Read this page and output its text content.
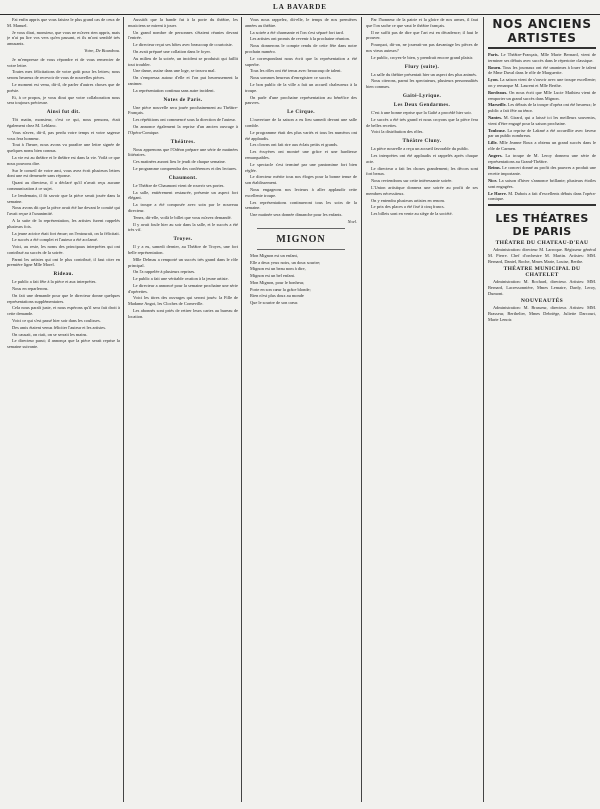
LA BAVARDE

Fai enfin appris que vous faisiez le plus grand cas de ceux de M. Manuel.

Je vous dirai, monsieur, que vous ne m'avez rien appris, mais je n'ai pu lire vos vers qu'en passant, et ils m'ont semblé très amusants.

Votre, De Bourdeau.

Je m'empresse de vous répondre et de vous remercier de votre lettre.

Toutes mes félicitations de votre goût pour les lettres; nous serons heureux de recevoir de vous de nouvelles pièces.

Le moment est venu, dit-il, de parler d'autres choses que de poésie.

Et, à ce propos, je vous dirai que votre collaboration nous sera toujours précieuse.

Ainsi fut dit.

Tôt matin, monsieur, c'est ce qui, nous pensons, était également chez M. Leblanc.

Vous n'avez, dit-il, pas perdu votre temps et votre sagesse vous fera honneur.

Tout à l'heure, nous avons vu paraître une lettre signée de quelques noms bien connus.

La vie est au théâtre et le théâtre est dans la vie. Voilà ce que nous pouvons dire.

Sur le conseil de votre ami, vous avez écrit plusieurs lettres dont une est demeurée sans réponse.

Quant au directeur, il a déclaré qu'il n'avait reçu aucune communication à ce sujet.

Le lendemain, il fit savoir que la pièce serait jouée dans la semaine.

Nous avons dit que la pièce avait été lue devant le comité qui l'avait reçue à l'unanimité.

A la suite de la représentation, les artistes furent rappelés plusieurs fois.

La jeune actrice était fort émue; on l'entourait, on la félicitait.

Le succès a été complet et l'auteur a été acclamé.

Voici, au reste, les noms des principaux interprètes qui ont contribué au succès de la soirée.

Parmi les artistes qui ont le plus contribué, il faut citer en première ligne Mlle Morel.

Rideau.

Le public a fait fête à la pièce et aux interprètes.

Nous en reparlerons.

On fait une demande pour que le directeur donne quelques représentations supplémentaires.

Cela nous paraît juste, et nous espérons qu'il sera fait droit à cette demande.

Voici ce qui s'est passé hier soir dans les coulisses.

Des amis étaient venus féliciter l'auteur et les artistes.

On causait, on riait, on se serrait les mains.

Le directeur parut; il annonça que la pièce serait reprise la semaine suivante.

Aussitôt que la bande fut à la porte du théâtre, les musiciens se mirent à jouer.

Un grand nombre de personnes s'étaient réunies devant l'entrée.

Le directeur reçut ses hôtes avec beaucoup de courtoisie.

On avait préparé une collation dans le foyer.

Au milieu de la soirée, un incident se produisit qui faillit tout troubler.

Une dame, assise dans une loge, se trouva mal.

On s'empressa autour d'elle et l'on put heureusement la ranimer.

La représentation continua sans autre incident.

Notes de Paris.

Une pièce nouvelle sera jouée prochainement au Théâtre-Français.

Les répétitions ont commencé sous la direction de l'auteur.

On annonce également la reprise d'un ancien ouvrage à l'Opéra-Comique.

Théâtres.

Nous apprenons que l'Odéon prépare une série de matinées littéraires.

Ces matinées auront lieu le jeudi de chaque semaine.

Le programme comprendra des conférences et des lectures.

Chaumont.

Le Théâtre de Chaumont vient de rouvrir ses portes.

La salle, entièrement restaurée, présente un aspect fort élégant.

La troupe a été composée avec soin par le nouveau directeur.

Tenez, dit-elle, voilà le billet que vous m'avez demandé.

Il y avait foule hier au soir dans la salle, et le succès a été très vif.

Troyes.

Il y a eu, samedi dernier, au Théâtre de Troyes, une fort belle représentation.

Mlle Delmas a remporté un succès très grand dans le rôle principal.

On l'a rappelée à plusieurs reprises.

Le public a fait une véritable ovation à la jeune artiste.

Le directeur a annoncé pour la semaine prochaine une série d'opérettes.

Voici les titres des ouvrages qui seront joués: la Fille de Madame Angot, les Cloches de Corneville.

Les abonnés sont priés de retirer leurs cartes au bureau de location.

Vous nous rappelez, dit-elle, le temps de nos premières années au théâtre.

La soirée a été charmante et l'on s'est séparé fort tard.

Les artistes ont promis de revenir à la prochaine réunion.

Nous donnerons le compte rendu de cette fête dans notre prochain numéro.

Le correspondant nous écrit que la représentation a été superbe.

Tous les rôles ont été tenus avec beaucoup de talent.

Nous sommes heureux d'enregistrer ce succès.

Le bon public de la ville a fait un accueil chaleureux à la troupe.

On parle d'une prochaine représentation au bénéfice des pauvres.

Le Cirque.

L'ouverture de la saison a eu lieu samedi devant une salle comble.

Le programme était des plus variés et tous les numéros ont été applaudis.

Les clowns ont fait rire aux éclats petits et grands.

Les écuyères ont montré une grâce et une hardiesse remarquables.

Le spectacle s'est terminé par une pantomime fort bien réglée.

Le directeur mérite tous nos éloges pour la bonne tenue de son établissement.

Nous engageons nos lecteurs à aller applaudir cette excellente troupe.

Les représentations continueront tous les soirs de la semaine.

Une matinée sera donnée dimanche pour les enfants.

Noel.

MIGNON

Mon Mignon est un enfant,

Elle a deux yeux noirs, un doux sourire;

Mignon est un beau nom à dire,

Mignon est un bel enfant.

Mon Mignon, pour le bonheur,

Porte en son cœur la grâce blonde;

Rien n'est plus doux au monde

Que le sourire de son cœur.

Par l'honneur de la patrie et la gloire de nos armes, il faut que l'on sache ce que vaut le théâtre français.

Il ne suffit pas de dire que l'art est en décadence; il faut le prouver.

Pourquoi, dit-on, ne jouerait-on pas davantage les pièces de nos vieux auteurs?

Le public, croyez-le bien, y prendrait encore grand plaisir.

Flury (suite).

La salle du théâtre présentait hier un aspect des plus animés.

Nous citerons, parmi les spectateurs, plusieurs personnalités bien connues.

Gaité-Lyrique.

Les Deux Gendarmes.

C'est à une bonne reprise que la Gaîté a procédé hier soir.

Le succès a été très grand et nous croyons que la pièce fera de belles recettes.

Voici la distribution des rôles.

Théâtre Cluny.

La pièce nouvelle a reçu un accueil favorable du public.

Les interprètes ont été applaudis et rappelés après chaque acte.

Le directeur a fait les choses grandement; les décors sont fort beaux.

Nous reviendrons sur cette intéressante soirée.

L'Union artistique donnera une soirée au profit de ses membres nécessiteux.

On y entendra plusieurs artistes en renom.

Le prix des places a été fixé à cinq francs.

Les billets sont en vente au siège de la société.

NOS ANCIENS ARTISTES
Paris. Le Théâtre-Français, Mlle Marie Bernard, vient de terminer ses débuts avec succès dans le répertoire classique.
Rouen. Tous les journaux ont été unanimes à louer le talent de Mme Duval dans le rôle de Marguerite.
Lyon. La saison vient de s'ouvrir avec une troupe excellente; on y remarque M. Laurent et Mlle Berthe.
Bordeaux. On nous écrit que Mlle Lucie Mathieu vient de remporter un grand succès dans Mignon.
Marseille. Les débuts de la troupe d'opéra ont été heureux; le public a fait fête au ténor.
Nantes. M. Girard, qui a laissé ici les meilleurs souvenirs, vient d'être engagé pour la saison prochaine.
Toulouse. La reprise de Lakmé a été accueillie avec faveur par un public nombreux.
Lille. Mlle Jeanne Roux a obtenu un grand succès dans le rôle de Carmen.
Angers. La troupe de M. Leroy donnera une série de représentations au Grand-Théâtre.
Reims. Le concert donné au profit des pauvres a produit une recette importante.
Nice. La saison d'hiver s'annonce brillante; plusieurs étoiles sont engagées.
Le Havre. M. Dubois a fait d'excellents débuts dans l'opéra-comique.
LES THÉATRES DE PARIS
THÉATRE DU CHATEAU-D'EAU

Administration: directeur M. Larroque. Régisseur général M. Pierre. Chef d'orchestre M. Martin. Artistes: MM. Bernard, Daniel, Roche, Mmes Marie, Louise, Berthe.

THÉATRE MUNICIPAL DU CHATELET

Administration: M. Rochard, directeur. Artistes: MM. Bernard, Lacressonnière, Mmes Lemaire, Dardy, Leroy, Dumont.

NOUVEAUTÉS

Administration: M. Brasseur, directeur. Artistes: MM. Brasseur, Berthelier, Mmes Debriège, Juliette Darcourt, Marie Lenoir.
